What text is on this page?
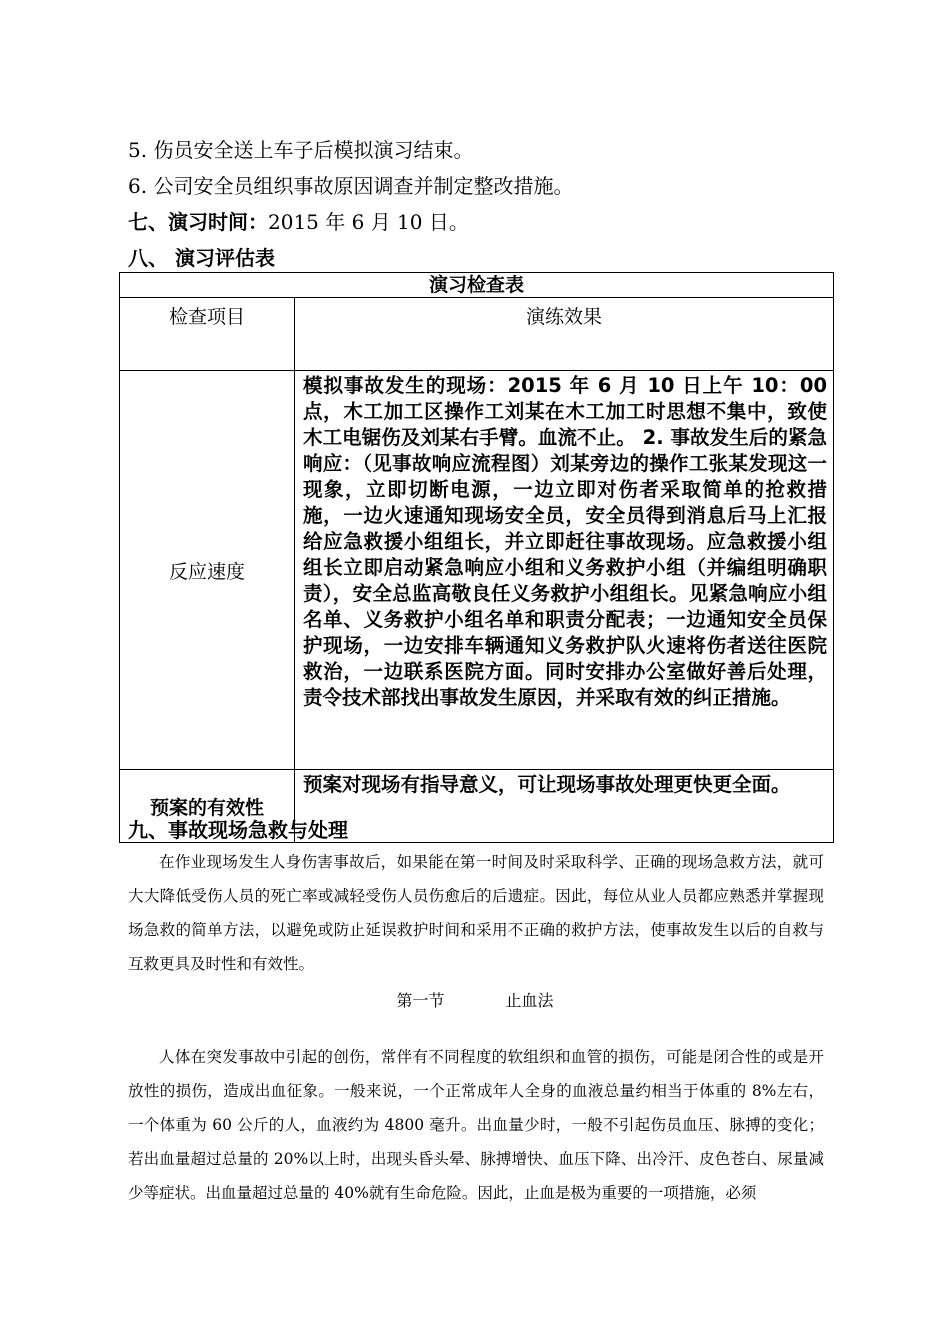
5. 伤员安全送上车子后模拟演习结束。
6. 公司安全员组织事故原因调查并制定整改措施。
七、演习时间：2015 年 6 月 10 日。
八、 演习评估表
演习检查表	
检查项目	演练效果
反应速度	模拟事故发生的现场：2015 年 6 月 10 日上午 10：00 点，木工加工区操作工刘某在木工加工时思想不集中，致使木工电锯伤及刘某右手臂。血流不止。 2. 事故发生后的紧急响应：（见事故响应流程图）刘某旁边的操作工张某发现这一现象，立即切断电源，一边立即对伤者采取简单的抢救措施，一边火速通知现场安全员，安全员得到消息后马上汇报给应急救援小组组长，并立即赶往事故现场。应急救援小组组长立即启动紧急响应小组和义务救护小组（并编组明确职责），安全总监高敬良任义务救护小组组长。见紧急响应小组名单、义务救护小组名单和职责分配表；一边通知安全员保护现场，一边安排车辆通知义务救护队火速将伤者送往医院救治，一边联系医院方面。同时安排办公室做好善后处理，责令技术部找出事故发生原因，并采取有效的纠正措施。
预案的有效性	预案对现场有指导意义，可让现场事故处理更快更全面。
九、事故现场急救与处理
在作业现场发生人身伤害事故后，如果能在第一时间及时采取科学、正确的现场急救方法，就可大大降低受伤人员的死亡率或减轻受伤人员伤愈后的后遗症。因此，每位从业人员都应熟悉并掌握现场急救的简单方法，以避免或防止延误救护时间和采用不正确的救护方法，使事故发生以后的自救与互救更具及时性和有效性。
第一节	止血法
人体在突发事故中引起的创伤，常伴有不同程度的软组织和血管的损伤，可能是闭合性的或是开放性的损伤，造成出血征象。一般来说，一个正常成年人全身的血液总量约相当于体重的 8%左右，一个体重为 60 公斤的人，血液约为 4800 毫升。出血量少时，一般不引起伤员血压、脉搏的变化；若出血量超过总量的 20%以上时，出现头昏头晕、脉搏增快、血压下降、出冷汗、皮色苍白、尿量减少等症状。出血量超过总量的 40%就有生命危险。因此，止血是极为重要的一项措施，必须
